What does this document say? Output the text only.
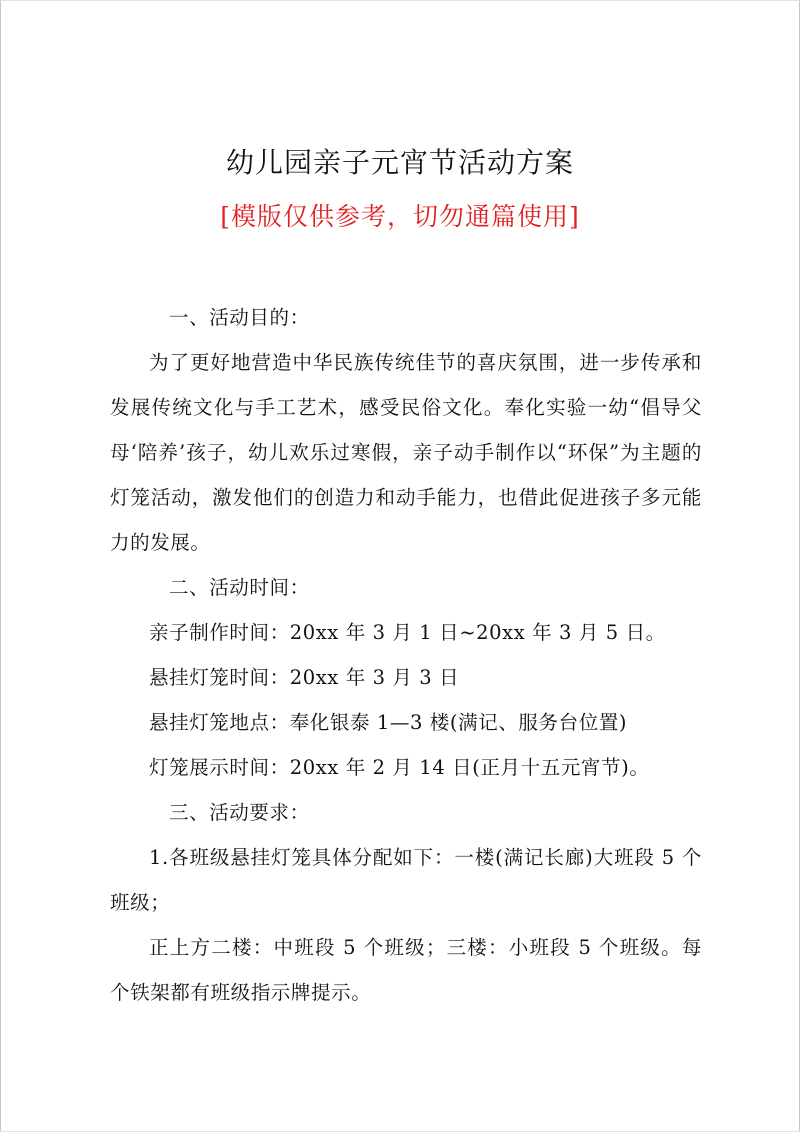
幼儿园亲子元宵节活动方案
[模版仅供参考，切勿通篇使用]

一、活动目的：

为了更好地营造中华民族传统佳节的喜庆氛围，进一步传承和发展传统文化与手工艺术，感受民俗文化。奉化实验一幼“倡导父母‘陪养’孩子，幼儿欢乐过寒假，亲子动手制作以“环保”为主题的灯笼活动，激发他们的创造力和动手能力，也借此促进孩子多元能力的发展。

二、活动时间：

亲子制作时间：20xx 年 3 月 1 日~20xx 年 3 月 5 日。

悬挂灯笼时间：20xx 年 3 月 3 日

悬挂灯笼地点：奉化银泰 1—3 楼(满记、服务台位置)

灯笼展示时间：20xx 年 2 月 14 日(正月十五元宵节)。

三、活动要求：

1.各班级悬挂灯笼具体分配如下：一楼(满记长廊)大班段 5 个班级；

正上方二楼：中班段 5 个班级；三楼：小班段 5 个班级。每个铁架都有班级指示牌提示。
